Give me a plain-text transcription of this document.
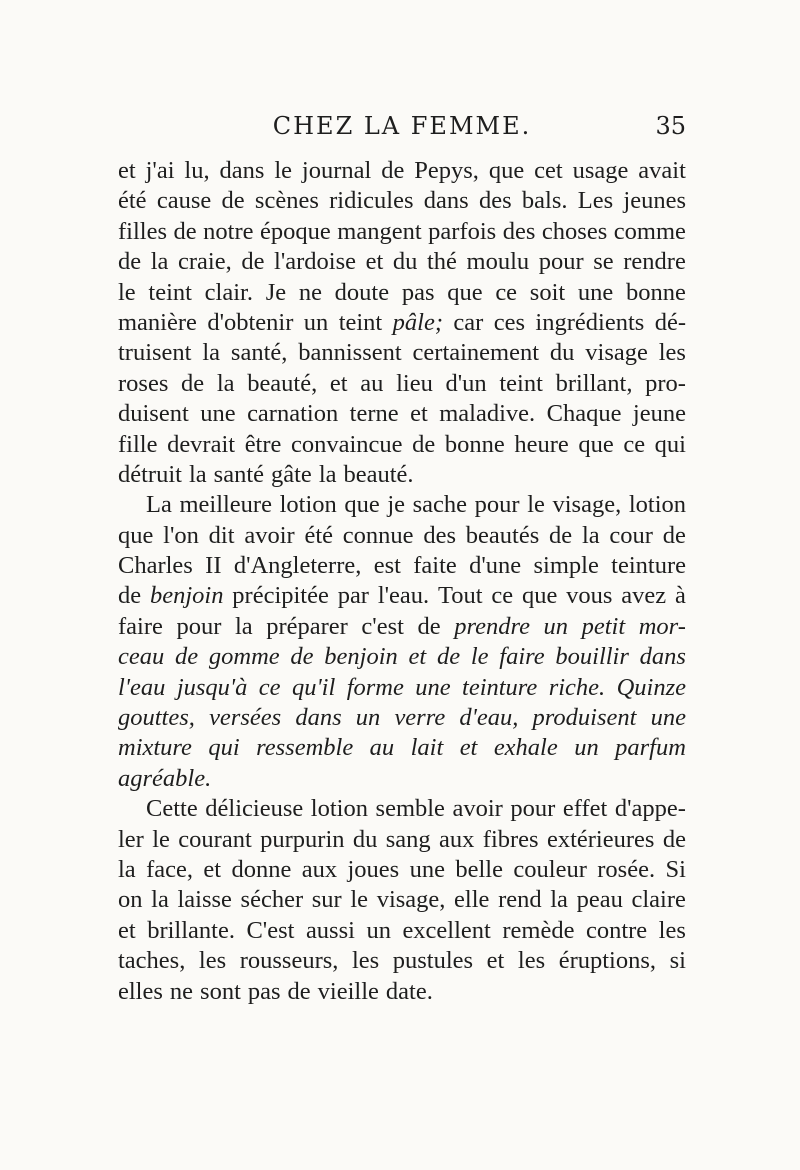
CHEZ LA FEMME.	35
et j'ai lu, dans le journal de Pepys, que cet usage avait
été cause de scènes ridicules dans des bals. Les jeunes
filles de notre époque mangent parfois des choses comme
de la craie, de l'ardoise et du thé moulu pour se rendre
le teint clair. Je ne doute pas que ce soit une bonne
manière d'obtenir un teint pâle; car ces ingrédients dé-
truisent la santé, bannissent certainement du visage les
roses de la beauté, et au lieu d'un teint brillant, pro-
duisent une carnation terne et maladive. Chaque jeune
fille devrait être convaincue de bonne heure que ce qui
détruit la santé gâte la beauté.
La meilleure lotion que je sache pour le visage, lotion
que l'on dit avoir été connue des beautés de la cour de
Charles II d'Angleterre, est faite d'une simple teinture
de benjoin précipitée par l'eau. Tout ce que vous avez à
faire pour la préparer c'est de prendre un petit mor-
ceau de gomme de benjoin et de le faire bouillir dans
l'eau jusqu'à ce qu'il forme une teinture riche. Quinze
gouttes, versées dans un verre d'eau, produisent une
mixture qui ressemble au lait et exhale un parfum
agréable.
Cette délicieuse lotion semble avoir pour effet d'appe-
ler le courant purpurin du sang aux fibres extérieures de
la face, et donne aux joues une belle couleur rosée. Si
on la laisse sécher sur le visage, elle rend la peau claire
et brillante. C'est aussi un excellent remède contre les
taches, les rousseurs, les pustules et les éruptions, si
elles ne sont pas de vieille date.
